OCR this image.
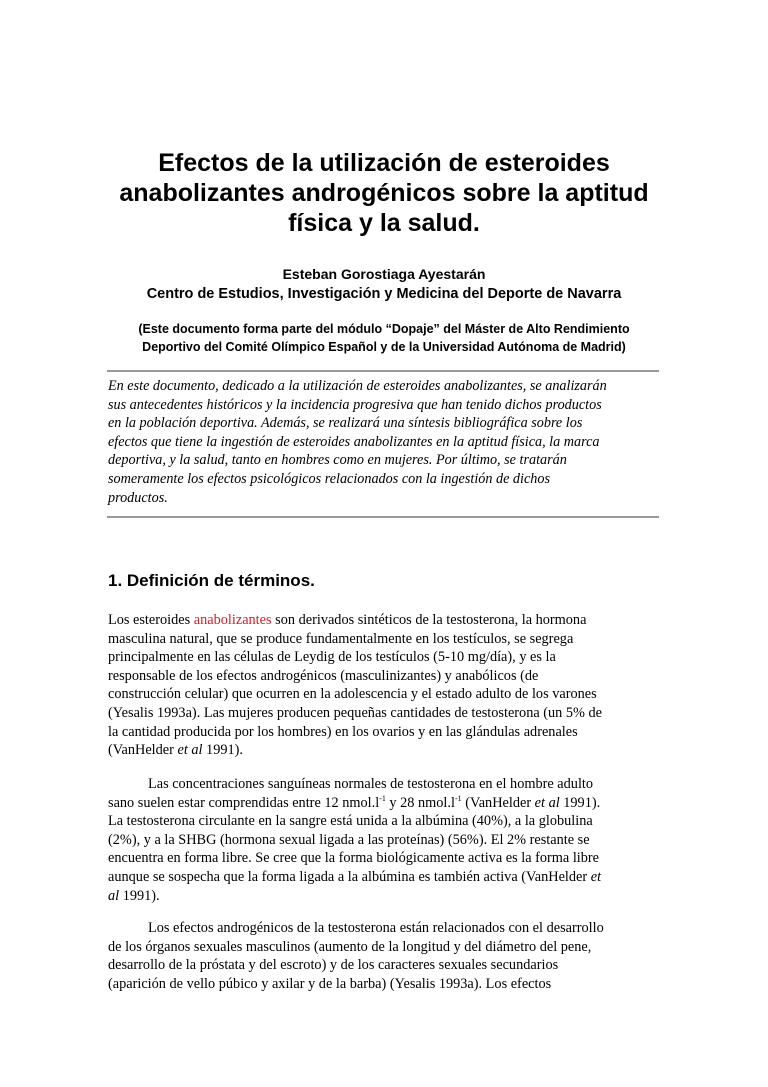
Efectos de la utilización de esteroides
anabolizantes androgénicos sobre la aptitud
física y la salud.
Esteban Gorostiaga Ayestarán
Centro de Estudios, Investigación y Medicina del Deporte de Navarra
(Este documento forma parte del módulo “Dopaje” del Máster de Alto Rendimiento
Deportivo del Comité Olímpico Español y de la Universidad Autónoma de Madrid)
En este documento, dedicado a la utilización de esteroides anabolizantes, se analizarán
sus antecedentes históricos y la incidencia progresiva que han tenido dichos productos
en la población deportiva. Además, se realizará una síntesis bibliográfica sobre los
efectos que tiene la ingestión de esteroides anabolizantes en la aptitud física, la marca
deportiva, y la salud, tanto en hombres como en mujeres. Por último, se tratarán
someramente los efectos psicológicos relacionados con la ingestión de dichos
productos.
1. Definición de términos.
Los esteroides anabolizantes son derivados sintéticos de la testosterona, la hormona
masculina natural, que se produce fundamentalmente en los testículos, se segrega
principalmente en las células de Leydig de los testículos (5-10 mg/día), y es la
responsable de los efectos androgénicos (masculinizantes) y anabólicos (de
construcción celular) que ocurren en la adolescencia y el estado adulto de los varones
(Yesalis 1993a). Las mujeres producen pequeñas cantidades de testosterona (un 5% de
la cantidad producida por los hombres) en los ovarios y en las glándulas adrenales
(VanHelder et al 1991).
Las concentraciones sanguíneas normales de testosterona en el hombre adulto
sano suelen estar comprendidas entre 12 $nmol.l^{-1}$ y 28 $nmol.l^{-1}$ (VanHelder et al 1991).
La testosterona circulante en la sangre está unida a la albúmina (40%), a la globulina
(2%), y a la SHBG (hormona sexual ligada a las proteínas) (56%). El 2% restante se
encuentra en forma libre. Se cree que la forma biológicamente activa es la forma libre
aunque se sospecha que la forma ligada a la albúmina es también activa (VanHelder et
al 1991).
Los efectos androgénicos de la testosterona están relacionados con el desarrollo
de los órganos sexuales masculinos (aumento de la longitud y del diámetro del pene,
desarrollo de la próstata y del escroto) y de los caracteres sexuales secundarios
(aparición de vello púbico y axilar y de la barba) (Yesalis 1993a). Los efectos
